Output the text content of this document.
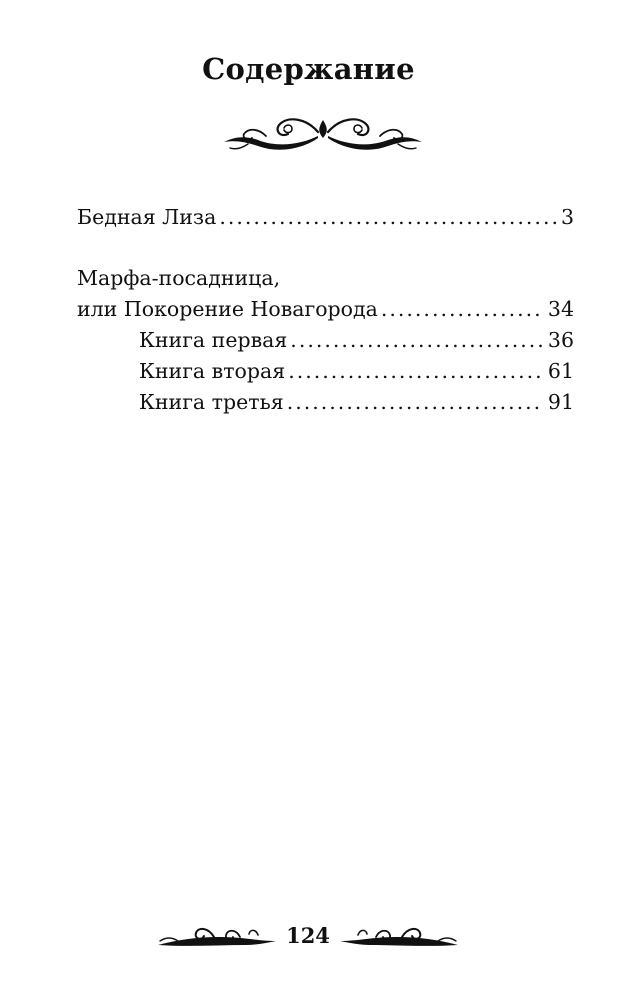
Содержание
Бедная Лиза .....	3
Марфа-посадница,
или Покорение Новагорода .....	34
Книга первая .....	36
Книга вторая .....	61
Книга третья .....	91
124
